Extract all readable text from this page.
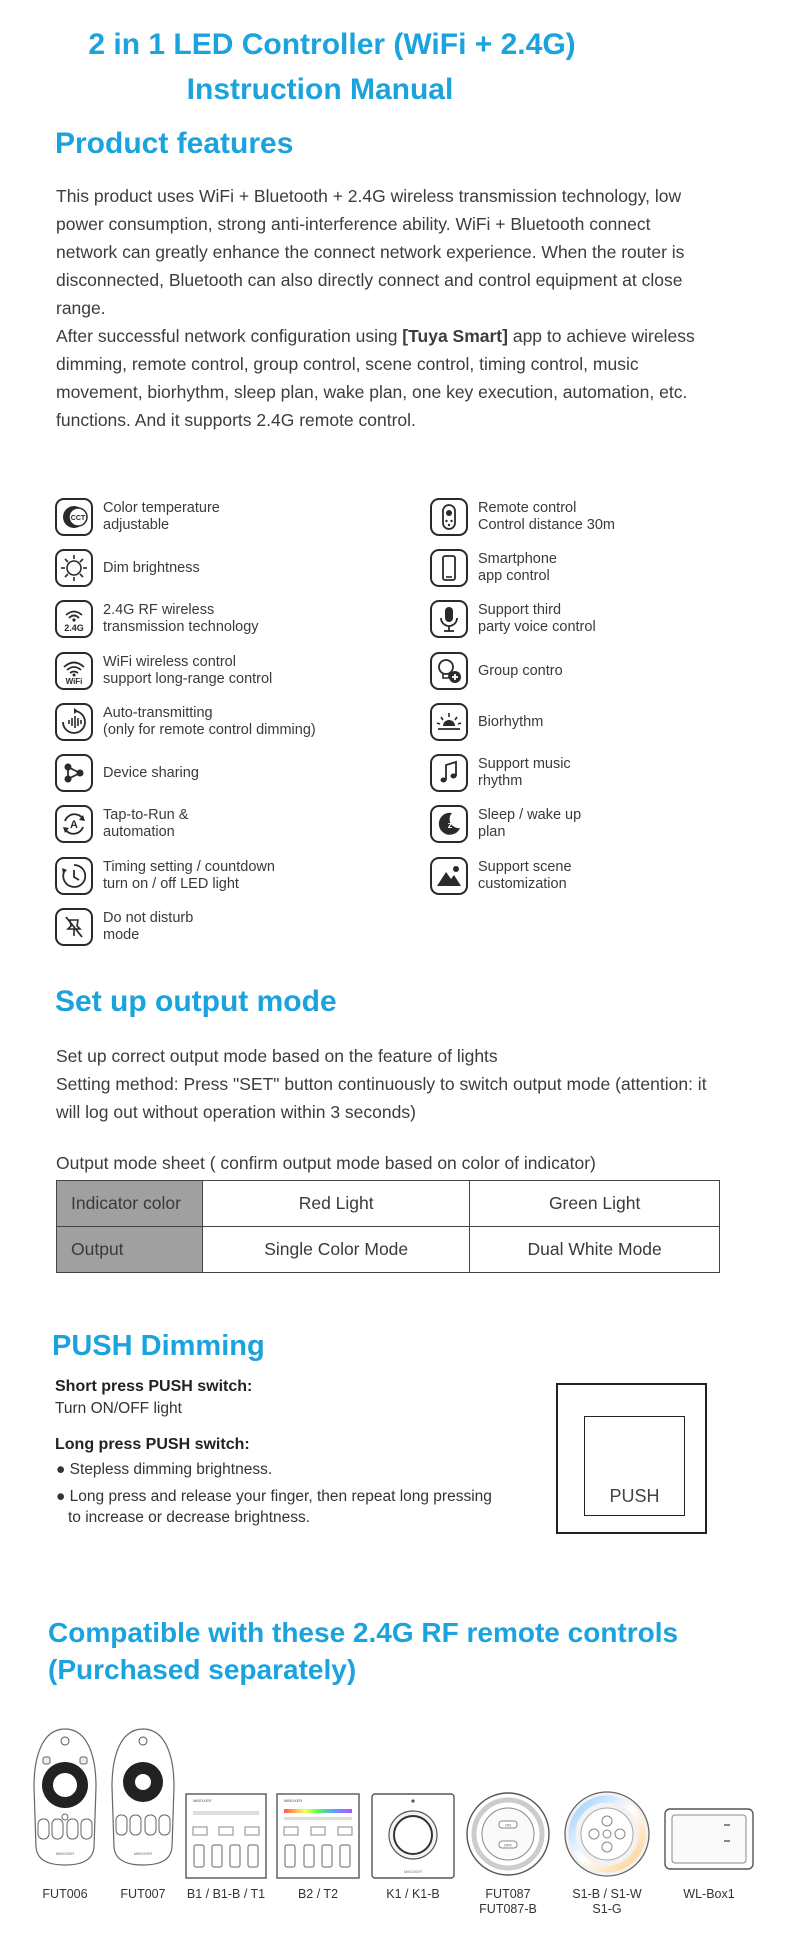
2 in 1 LED Controller (WiFi + 2.4G)
Instruction Manual
Product features
This product uses WiFi + Bluetooth + 2.4G wireless transmission technology, low power consumption, strong anti-interference ability. WiFi + Bluetooth connect network can greatly enhance the connect network experience. When the router is disconnected, Bluetooth can also directly connect and control equipment at close range.
After successful network configuration using [Tuya Smart] app to achieve wireless dimming, remote control, group control, scene control, timing control, music movement, biorhythm, sleep plan, wake plan, one key execution, automation, etc. functions. And it supports 2.4G remote control.
CCT
Color temperature
adjustable
Dim brightness
2.4G
2.4G RF wireless
transmission technology
WiFi
WiFi wireless control
support long-range control
Auto-transmitting
(only for remote control dimming)
Device sharing
A
Tap-to-Run &
automation
Timing setting / countdown
turn on / off LED light
Do not disturb
mode
Remote control
Control distance 30m
Smartphone
app control
Support third
party voice control
Group contro
Biorhythm
Support music
rhythm
z
Sleep / wake up
plan
Support scene
customization
Set up output mode
Set up correct output mode based on the feature of lights
Setting method: Press "SET" button continuously to switch output mode (attention: it will log out without operation within 3 seconds)
Output mode sheet ( confirm output mode based on color of indicator)
Indicator color	Red Light	Green Light
Output	Single Color Mode	Dual White Mode
PUSH Dimming
Short press PUSH switch:
Turn ON/OFF light
Long press PUSH switch:
● Stepless dimming brightness.
● Long press and release your finger, then repeat long pressing
to increase or decrease brightness.
PUSH
Compatible with these 2.4G RF remote controls
(Purchased separately)
MiBOXER	MiBOXER
MiBOXER	MiBOXER
MiBOXER
ON
OFF
FUT006	FUT007	B1 / B1-B / T1	B2 / T2	K1 / K1-B	FUT087
FUT087-B
S1-B / S1-W
S1-G
WL-Box1
